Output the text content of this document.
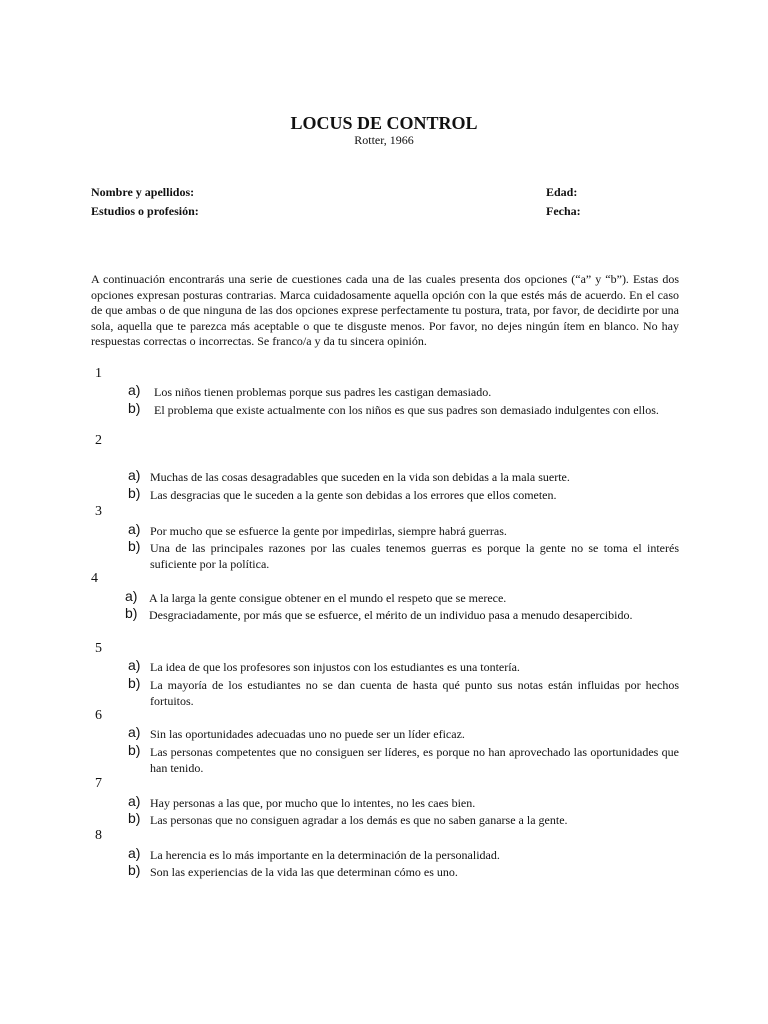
LOCUS DE CONTROL
Rotter, 1966
Nombre y apellidos:	Edad:
Estudios o profesión:	Fecha:
A continuación encontrarás una serie de cuestiones cada una de las cuales presenta dos opciones (“a” y “b”). Estas dos opciones expresan posturas contrarias. Marca cuidadosamente aquella opción con la que estés más de acuerdo. En el caso de que ambas o de que ninguna de las dos opciones exprese perfectamente tu postura, trata, por favor, de decidirte por una sola, aquella que te parezca más aceptable o que te disguste menos. Por favor, no dejes ningún ítem en blanco. No hay respuestas correctas o incorrectas. Se franco/a y da tu sincera opinión.
1
a) Los niños tienen problemas porque sus padres les castigan demasiado.
b) El problema que existe actualmente con los niños es que sus padres son demasiado indulgentes con ellos.
2
a) Muchas de las cosas desagradables que suceden en la vida son debidas a la mala suerte.
b) Las desgracias que le suceden a la gente son debidas a los errores que ellos cometen.
3
a) Por mucho que se esfuerce la gente por impedirlas, siempre habrá guerras.
b) Una de las principales razones por las cuales tenemos guerras es porque la gente no se toma el interés suficiente por la política.
4
a) A la larga la gente consigue obtener en el mundo el respeto que se merece.
b) Desgraciadamente, por más que se esfuerce, el mérito de un individuo pasa a menudo desapercibido.
5
a) La idea de que los profesores son injustos con los estudiantes es una tontería.
b) La mayoría de los estudiantes no se dan cuenta de hasta qué punto sus notas están influidas por hechos fortuitos.
6
a) Sin las oportunidades adecuadas uno no puede ser un líder eficaz.
b) Las personas competentes que no consiguen ser líderes, es porque no han aprovechado las oportunidades que han tenido.
7
a) Hay personas a las que, por mucho que lo intentes, no les caes bien.
b) Las personas que no consiguen agradar a los demás es que no saben ganarse a la gente.
8
a) La herencia es lo más importante en la determinación de la personalidad.
b) Son las experiencias de la vida las que determinan cómo es uno.
